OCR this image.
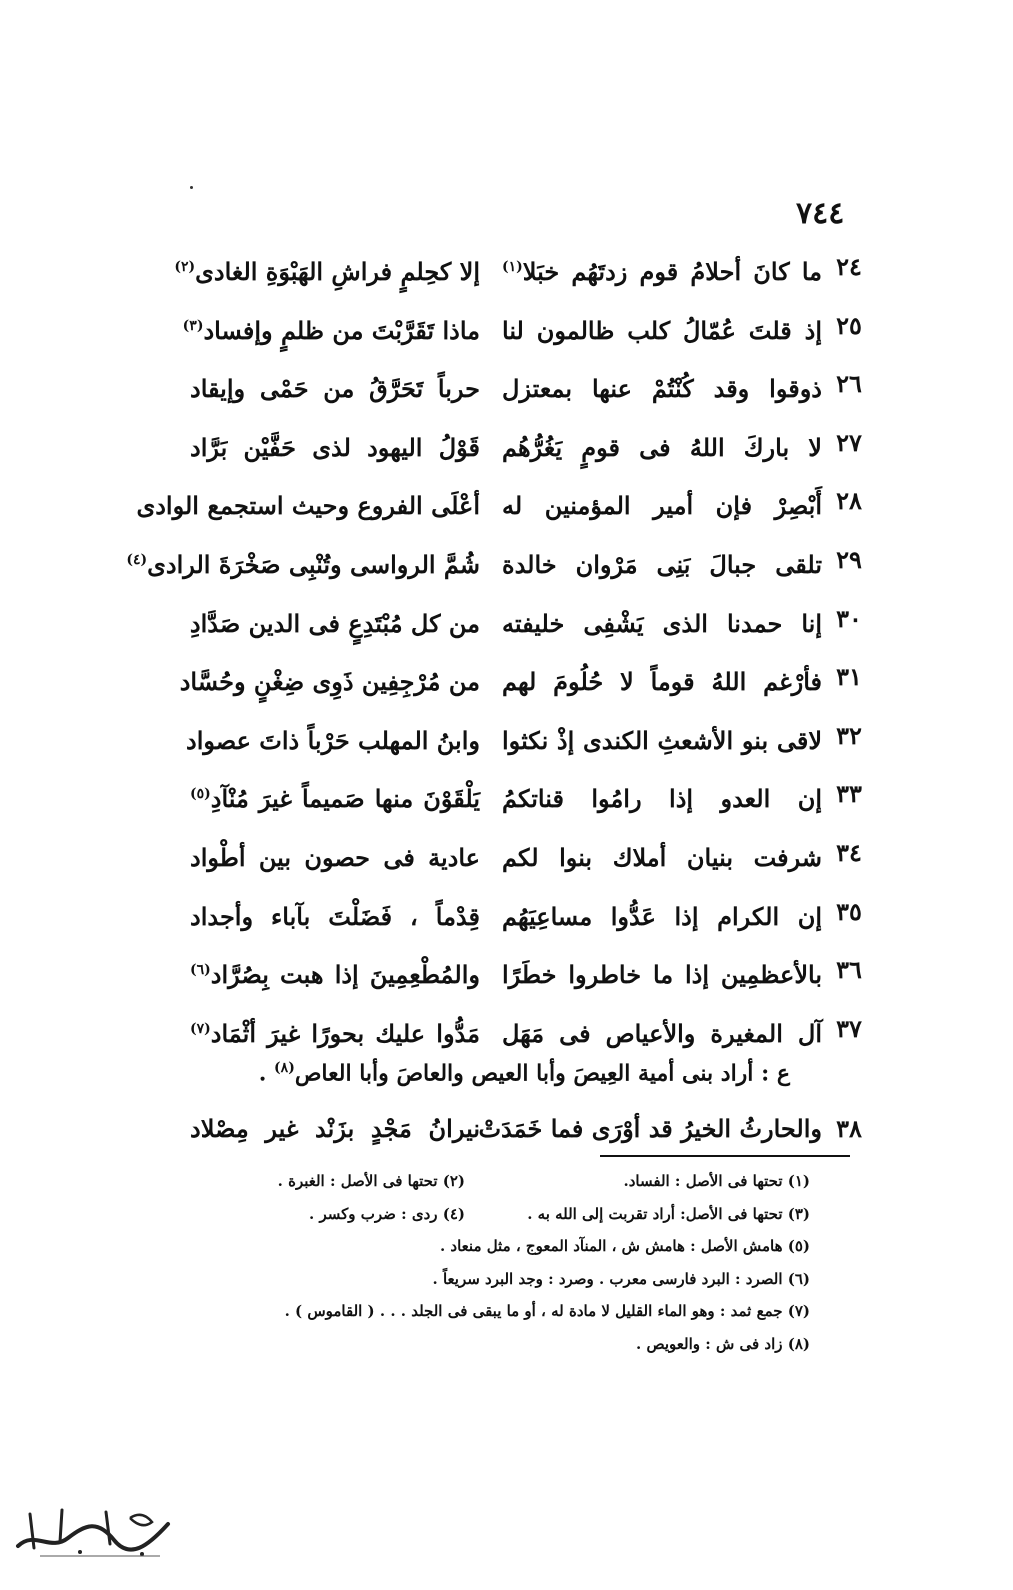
٧٤٤
٢٤
ما كانَ أحلامُ قوم زدتَهُم خبَلا$^{(١)}$
إلا كحِلمٍ فراشِ الهَبْوَةِ الغادى$^{(٢)}$
٢٥
إذ قلتَ عُمّالُ كلب ظالمون لنا
ماذا تَقَرَّبْتَ من ظلمٍ وإفساد$^{(٣)}$
٢٦
ذوقوا وقد كُنْتُمْ عنها بمعتزل
حرباً تَحَرَّقُ من حَمْى وإيقاد
٢٧
لا باركَ اللهُ فى قومٍ يَغُرُّهُم
قَوْلُ اليهود لذى حَفَّيْن بَرَّاد
٢٨
أَبْصِرْ فإن أمير المؤمنين له
أعْلَى الفروع وحيث استجمع الوادى
٢٩
تلقى جبالَ بَنِى مَرْوان خالدة
شُمَّ الرواسى وتُنْبِى صَخْرَةَ الرادى$^{(٤)}$
٣٠
إنا حمدنا الذى يَشْفِى خليفته
من كل مُبْتَدِعٍ فى الدين صَدَّادِ
٣١
فأرْغم اللهُ قوماً لا حُلُومَ لهم
من مُرْجِفِين ذَوِى ضِغْنٍ وحُسَّاد
٣٢
لاقى بنو الأشعثِ الكندى إذْ نكثوا
وابنُ المهلب حَرْباً ذاتَ عصواد
٣٣
إن العدو إذا رامُوا قناتكمُ
يَلْقَوْنَ منها صَميماً غيرَ مُنْآدِ$^{(٥)}$
٣٤
شرفت بنيان أملاك بنوا لكم
عادية فى حصون بين أطْواد
٣٥
إن الكرام إذا عَدُّوا مساعِيَهُم
قِدْماً ، فَضَلْتَ بآباء وأجداد
٣٦
بالأعظمِين إذا ما خاطروا خطَرًا
والمُطْعِمِينَ إذا هبت بِصُرَّاد$^{(٦)}$
٣٧
آل المغيرة والأعياص فى مَهَل
مَدُّوا عليك بحورًا غيرَ أثْمَاد$^{(٧)}$
ع : أراد بنى أمية العِيصَ وأبا العيص والعاصَ وأبا العاص$^{(٨)}$ .
٣٨
والحارثُ الخيرُ قد أوْرَى فما خَمَدَتْ
نيرانُ مَجْدٍ بزَنْد غير مِصْلاد
(١) تحتها فى الأصل : الفساد.
(٢) تحتها فى الأصل : الغبرة .
(٣) تحتها فى الأصل: أراد تقربت إلى الله به .
(٤) ردى : ضرب وكسر .
(٥) هامش الأصل : هامش ش ، المنآد المعوج ، مثل منعاد .
(٦) الصرد : البرد فارسى معرب . وصرد : وجد البرد سريعاً .
(٧) جمع ثمد : وهو الماء القليل لا مادة له ، أو ما يبقى فى الجلد . . . ( القاموس ) .
(٨) زاد فى ش : والعويص .
